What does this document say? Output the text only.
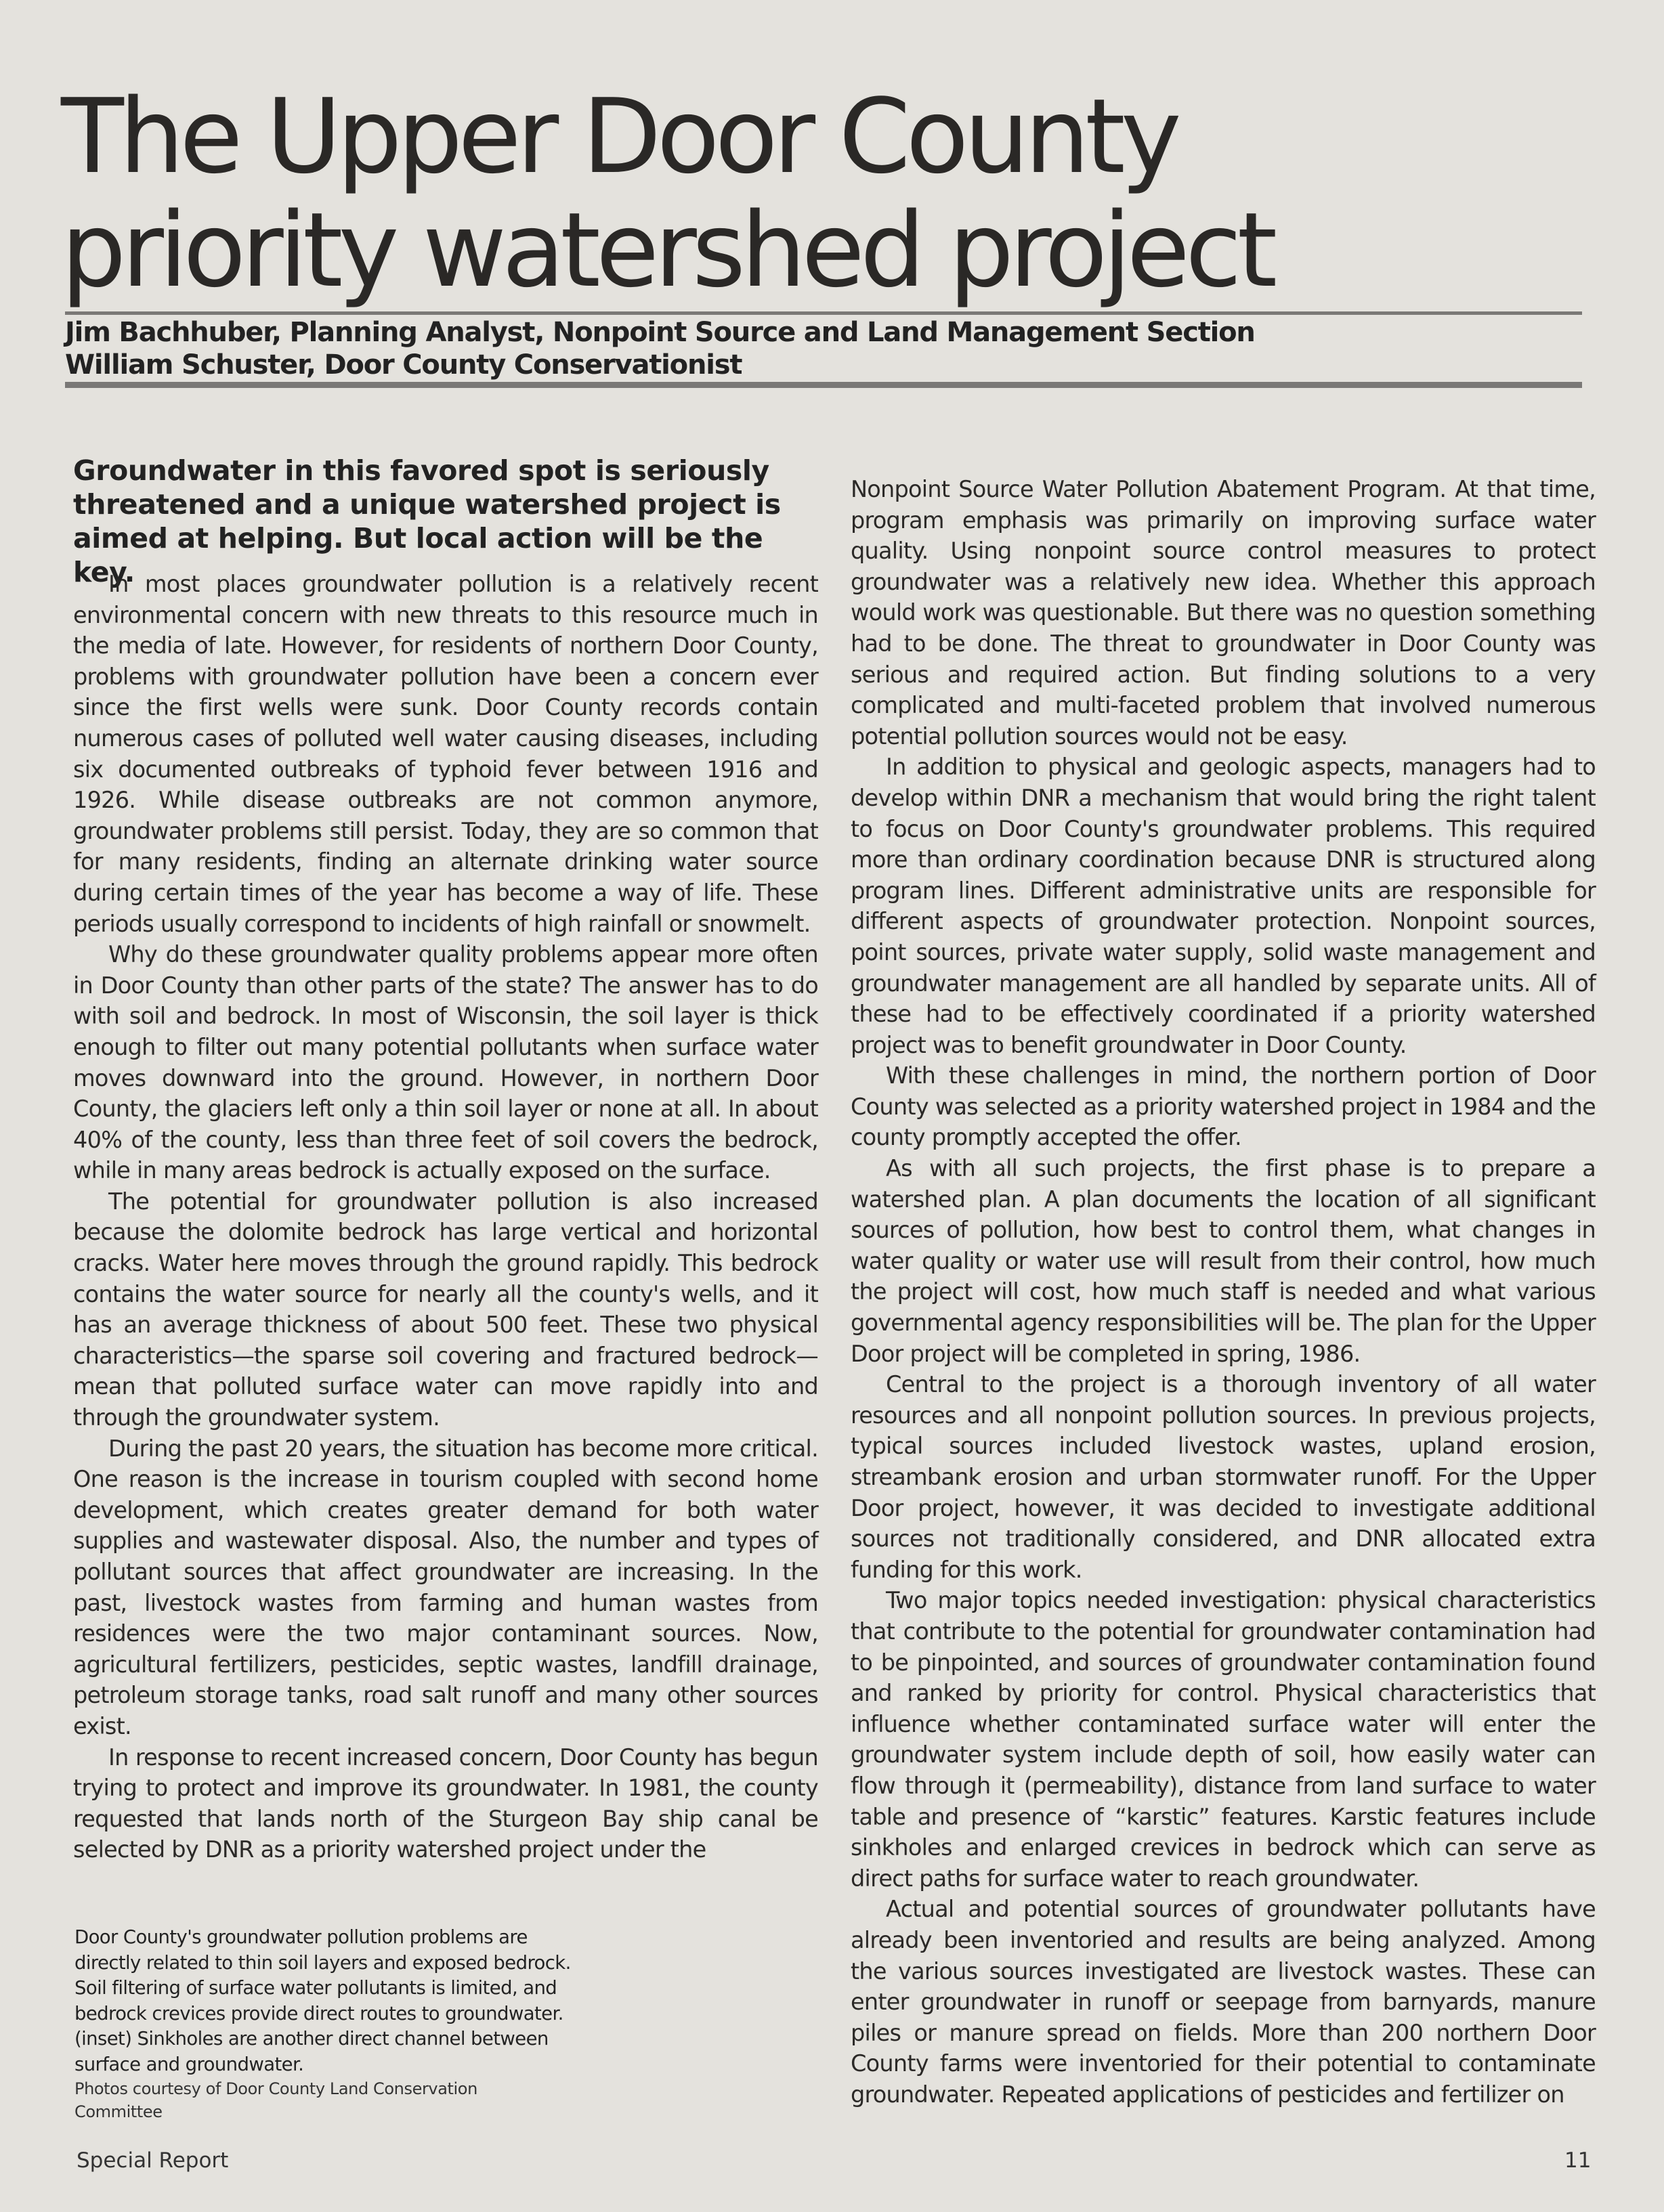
The Upper Door County
priority watershed project
Jim Bachhuber, Planning Analyst, Nonpoint Source and Land Management Section
William Schuster, Door County Conservationist

Groundwater in this favored spot is seriously threatened and a unique watershed project is aimed at helping. But local action will be the key.

In most places groundwater pollution is a relatively recent environmental concern with new threats to this resource much in the media of late. However, for residents of northern Door County, problems with groundwater pollution have been a concern ever since the first wells were sunk. Door County records contain numerous cases of polluted well water causing diseases, including six documented outbreaks of typhoid fever between 1916 and 1926. While disease outbreaks are not common anymore, groundwater problems still persist. Today, they are so common that for many residents, finding an alternate drinking water source during certain times of the year has become a way of life. These periods usually correspond to incidents of high rainfall or snowmelt.

Why do these groundwater quality problems appear more often in Door County than other parts of the state? The answer has to do with soil and bedrock. In most of Wisconsin, the soil layer is thick enough to filter out many potential pollutants when surface water moves downward into the ground. However, in northern Door County, the glaciers left only a thin soil layer or none at all. In about 40% of the county, less than three feet of soil covers the bedrock, while in many areas bedrock is actually exposed on the surface.

The potential for groundwater pollution is also increased because the dolomite bedrock has large vertical and horizontal cracks. Water here moves through the ground rapidly. This bedrock contains the water source for nearly all the county's wells, and it has an average thickness of about 500 feet. These two physical characteristics—the sparse soil covering and fractured bedrock—mean that polluted surface water can move rapidly into and through the groundwater system.

During the past 20 years, the situation has become more critical. One reason is the increase in tourism coupled with second home development, which creates greater demand for both water supplies and wastewater disposal. Also, the number and types of pollutant sources that affect groundwater are increasing. In the past, livestock wastes from farming and human wastes from residences were the two major contaminant sources. Now, agricultural fertilizers, pesticides, septic wastes, landfill drainage, petroleum storage tanks, road salt runoff and many other sources exist.

In response to recent increased concern, Door County has begun trying to protect and improve its groundwater. In 1981, the county requested that lands north of the Sturgeon Bay ship canal be selected by DNR as a priority watershed project under the

Nonpoint Source Water Pollution Abatement Program. At that time, program emphasis was primarily on improving surface water quality. Using nonpoint source control measures to protect groundwater was a relatively new idea. Whether this approach would work was questionable. But there was no question something had to be done. The threat to groundwater in Door County was serious and required action. But finding solutions to a very complicated and multi-faceted problem that involved numerous potential pollution sources would not be easy.

In addition to physical and geologic aspects, managers had to develop within DNR a mechanism that would bring the right talent to focus on Door County's groundwater problems. This required more than ordinary coordination because DNR is structured along program lines. Different administrative units are responsible for different aspects of groundwater protection. Nonpoint sources, point sources, private water supply, solid waste management and groundwater management are all handled by separate units. All of these had to be effectively coordinated if a priority watershed project was to benefit groundwater in Door County.

With these challenges in mind, the northern portion of Door County was selected as a priority watershed project in 1984 and the county promptly accepted the offer.

As with all such projects, the first phase is to prepare a watershed plan. A plan documents the location of all significant sources of pollution, how best to control them, what changes in water quality or water use will result from their control, how much the project will cost, how much staff is needed and what various governmental agency responsibilities will be. The plan for the Upper Door project will be completed in spring, 1986.

Central to the project is a thorough inventory of all water resources and all nonpoint pollution sources. In previous projects, typical sources included livestock wastes, upland erosion, streambank erosion and urban stormwater runoff. For the Upper Door project, however, it was decided to investigate additional sources not traditionally considered, and DNR allocated extra funding for this work.

Two major topics needed investigation: physical characteristics that contribute to the potential for groundwater contamination had to be pinpointed, and sources of groundwater contamination found and ranked by priority for control. Physical characteristics that influence whether contaminated surface water will enter the groundwater system include depth of soil, how easily water can flow through it (permeability), distance from land surface to water table and presence of “karstic” features. Karstic features include sinkholes and enlarged crevices in bedrock which can serve as direct paths for surface water to reach groundwater.

Actual and potential sources of groundwater pollutants have already been inventoried and results are being analyzed. Among the various sources investigated are livestock wastes. These can enter groundwater in runoff or seepage from barnyards, manure piles or manure spread on fields. More than 200 northern Door County farms were inventoried for their potential to contaminate groundwater. Repeated applications of pesticides and fertilizer on

Door County's groundwater pollution problems are directly related to thin soil layers and exposed bedrock. Soil filtering of surface water pollutants is limited, and bedrock crevices provide direct routes to groundwater. (inset) Sinkholes are another direct channel between surface and groundwater.
Photos courtesy of Door County Land Conservation Committee
Special Report	11
